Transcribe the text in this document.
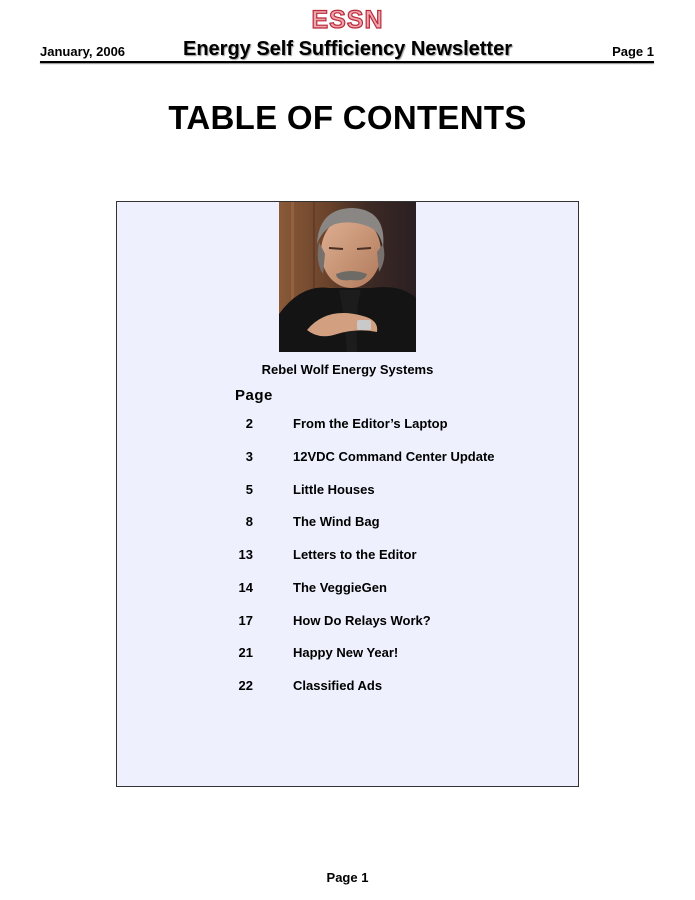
ESSN
January, 2006	Energy Self Sufficiency Newsletter	Page 1
TABLE OF CONTENTS
Rebel Wolf Energy Systems
Page
2	From the Editor’s Laptop
3	12VDC Command Center Update
5	Little Houses
8	The Wind Bag
13	Letters to the Editor
14	The VeggieGen
17	How Do Relays Work?
21	Happy New Year!
22	Classified Ads
Page 1
